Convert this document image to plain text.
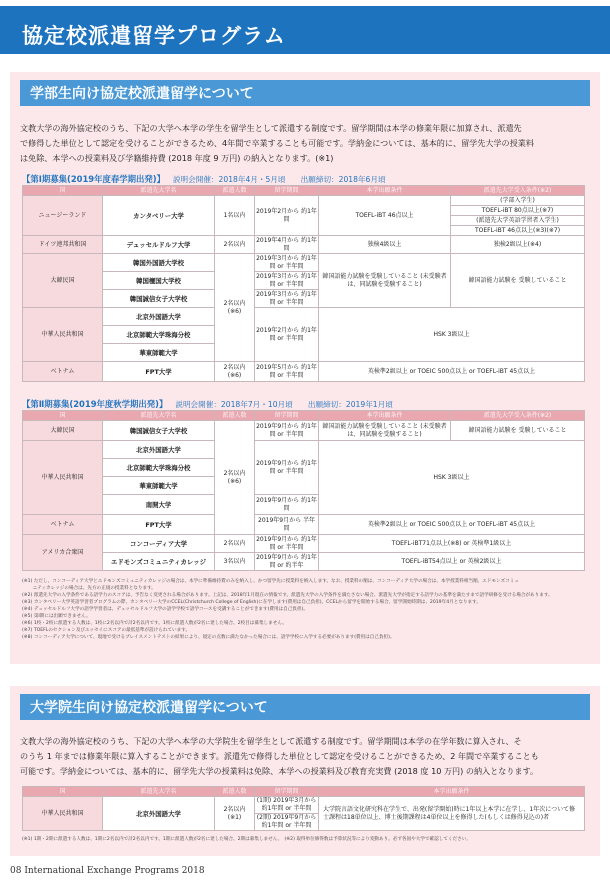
協定校派遣留学プログラム
学部生向け協定校派遣留学について
文教大学の海外協定校のうち、下記の大学へ本学の学生を留学生として派遣する制度です。留学期間は本学の修業年限に加算され、派遣先
で修得した単位として認定を受けることができるため、4年間で卒業することも可能です。学納金については、基本的に、留学先大学の授業料
は免除、本学への授業料及び学籍維持費 (2018 年度 9 万円) の納入となります。(※1)
【第Ⅰ期募集(2019年度春学期出発)】 説明会開催：2018年4月・5月頃　　出願締切：2018年6月頃
国	派遣先大学名	派遣人数	留学期間	本学出願条件	派遣先大学受入条件(※2)
ニュージーランド	カンタベリー大学	1名以内	2019年2月から 約1年間	TOEFL-iBT 46点以上	(学部入学生)
					TOEFL-iBT 80点以上(※7)
					(派遣先大学英語学習者入学生)
					TOEFL-iBT 46点以上(※3)(※7)
ドイツ連邦共和国	デュッセルドルフ大学	2名以内	2019年4月から 約1年間	独検4級以上	独検2級以上(※4)
大韓民国	韓国外国語大学校	2名以内 (※6)	2019年3月から 約1年間 or 半年間	韓国語能力試験を受験していること (未受験者は、同試験を受験すること)	韓国語能力試験を 受験していること
	韓国檀国大学校		2019年3月から 約1年間 or 半年間		
	韓国誠信女子大学校		2019年3月から 約1年間 or 半年間		
中華人民共和国	北京外国語大学		2019年2月から 約1年間 or 半年間	HSK 3級以上	
	北京師範大学珠海分校				
	華東師範大学				
ベトナム	FPT大学	2名以内 (※6)	2019年5月から 約1年間 or 半年間	英検準2級以上 or TOEIC 500点以上 or TOEFL-iBT 45点以上	
【第Ⅱ期募集(2019年度秋学期出発)】 説明会開催：2018年7月・10月頃　　出願締切：2019年1月頃
国	派遣先大学名	派遣人数	留学期間	本学出願条件	派遣先大学受入条件(※2)
大韓民国	韓国誠信女子大学校	2名以内 (※6)	2019年9月から 約1年間 or 半年間	韓国語能力試験を受験していること (未受験者は、同試験を受験すること)	韓国語能力試験を 受験していること
中華人民共和国	北京外国語大学		2019年9月から 約1年間 or 半年間	HSK 3級以上	
	北京師範大学珠海分校				
	華東師範大学				
	南開大学		2019年9月から 約1年間		
ベトナム	FPT大学		2019年9月から 半年間	英検準2級以上 or TOEIC 500点以上 or TOEFL-iBT 45点以上	
アメリカ合衆国	コンコーディア大学	2名以内	2019年9月から 約1年間 or 半年間	TOEFL-iBT71点以上(※8) or 英検準1級以上	
	エドモンズコミュニティカレッジ	3名以内	2019年9月から 約1年間 or 約半年	TOEFL-iBT54点以上 or 英検2級以上	
(※1) ただし、コンコーディア大学とエドモンズコミュニティカレッジの場合は、本学に準備維持費のみを納入し、かつ留学先に授業料を納入します。なお、授業料の額は、コンコーディア大学の場合は、本学授業料相当額、エドモンズコミュ
　　 ニティカレッジの場合は、先方の正規の授業料となります。
(※2) 派遣先大学の入学条件である語学力のスコアは、予告なく変更される場合があります。上記は、2018年1月現在の情報です。派遣先大学の入学条件を満たさない場合、派遣先大学が指定する語学力の基準を満たすまで語学研修を受ける場合があります。
(※3) カンタベリー大学英語学習者プログラムの際、カンタベリー大学のCCEL(Christchurch College of English)に在学します(費用は自己負担)。CCELから留学を開始する場合、留学開始時期は、2019年4月となります。
(※4) デュッセルドルフ大学の語学学習者は、デュッセルドルフ大学の語学学校で語学コースを受講することができます(費用は自己負担)。
(※5) 第Ⅰ期には出願できません。
(※6) 1校・2校に派遣する人数は、1校に2名以内で計2名以内です。1校に派遣人数が2名に達した場合、2校目は募集しません。
(※7) TOEFLのセクション及びエッセイにスコアの最低基準が設けられています。
(※8) コンコーディア大学について、現地で受けるプレイスメントテストの結果により、規定の点数に満たなかった場合には、語学学校に入学する必要があります(費用は自己負担)。
大学院生向け協定校派遣留学について
文教大学の海外協定校のうち、下記の大学へ本学の大学院生を留学生として派遣する制度です。留学期間は本学の在学年数に算入され、そ
のうち 1 年までは修業年限に算入することができます。派遣先で修得した単位として認定を受けることができるため、2 年間で卒業することも
可能です。学納金については、基本的に、留学先大学の授業料は免除、本学への授業料及び教育充実費 (2018 度 10 万円) の納入となります。
国	派遣先大学名	派遣人数	留学期間	本学出願条件
中華人民共和国	北京外国語大学	2名以内 (※1)	(1期) 2019年3月から 約1年間 or 半年間	大学院言語文化研究科在学生で、出発(留学開始)時に1年以上本学に在学し、1年次について修士課程は18単位以上、博士後期課程は4単位以上を修得した(もしくは修得見込の)者
			(2期) 2019年9月から 約1年間 or 半年間	
(※1) 1期・2期に派遣する人数は、1期に2名以内で計2名以内です。1期に派遣人数が2名に達した場合、2期は募集しません。　(※2) 取得単位修得数は予算状況等により変動あり。必ず各国や大学で確認してください。
08 International Exchange Programs 2018
